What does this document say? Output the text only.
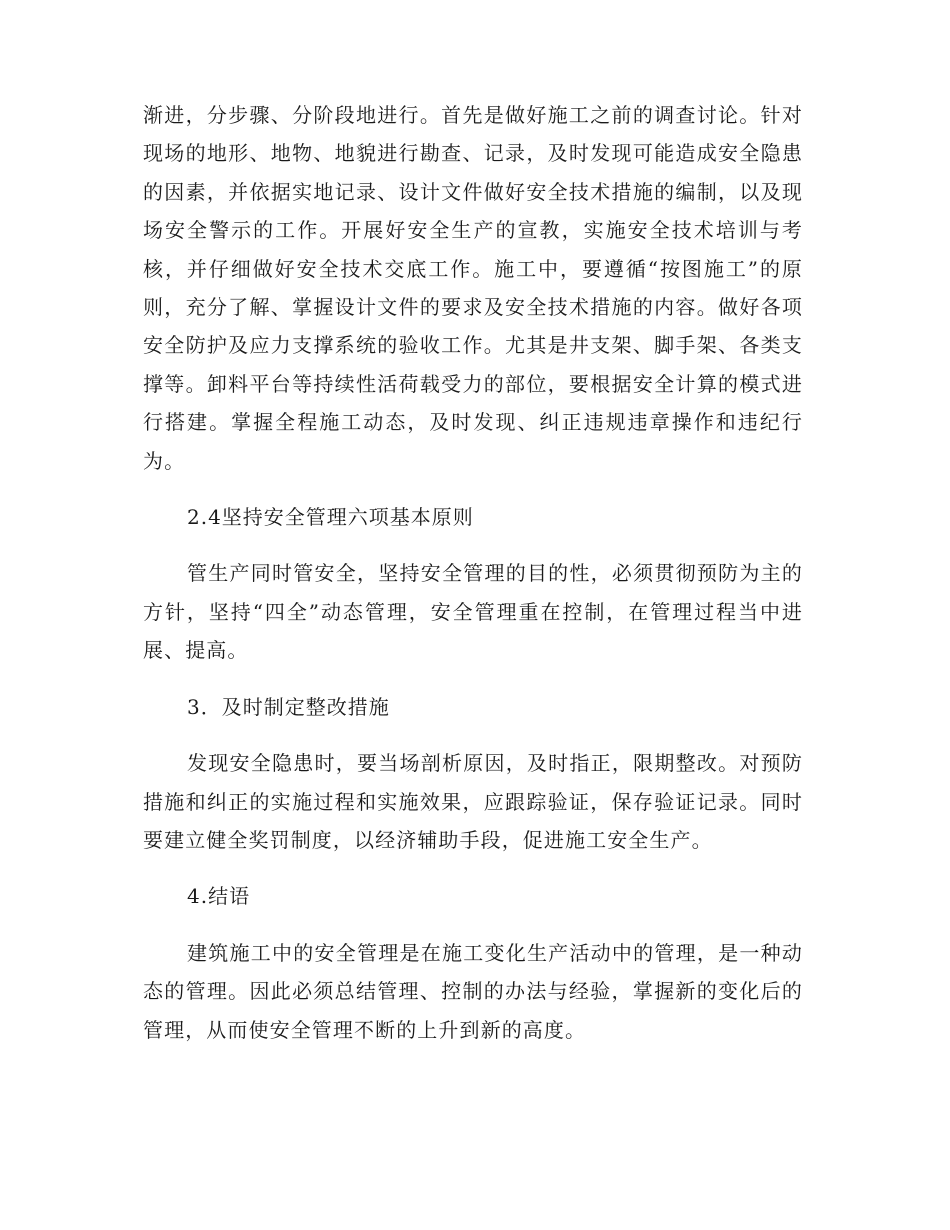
渐进，分步骤、分阶段地进行。首先是做好施工之前的调查讨论。针对现场的地形、地物、地貌进行勘查、记录，及时发现可能造成安全隐患的因素，并依据实地记录、设计文件做好安全技术措施的编制，以及现场安全警示的工作。开展好安全生产的宣教，实施安全技术培训与考核，并仔细做好安全技术交底工作。施工中，要遵循“按图施工”的原则，充分了解、掌握设计文件的要求及安全技术措施的内容。做好各项安全防护及应力支撑系统的验收工作。尤其是井支架、脚手架、各类支撑等。卸料平台等持续性活荷载受力的部位，要根据安全计算的模式进行搭建。掌握全程施工动态，及时发现、纠正违规违章操作和违纪行为。

2.4坚持安全管理六项基本原则

管生产同时管安全，坚持安全管理的目的性，必须贯彻预防为主的方针，坚持“四全”动态管理，安全管理重在控制，在管理过程当中进展、提高。

3．及时制定整改措施

发现安全隐患时，要当场剖析原因，及时指正，限期整改。对预防措施和纠正的实施过程和实施效果，应跟踪验证，保存验证记录。同时要建立健全奖罚制度，以经济辅助手段，促进施工安全生产。

4.结语

建筑施工中的安全管理是在施工变化生产活动中的管理，是一种动态的管理。因此必须总结管理、控制的办法与经验，掌握新的变化后的管理，从而使安全管理不断的上升到新的高度。
